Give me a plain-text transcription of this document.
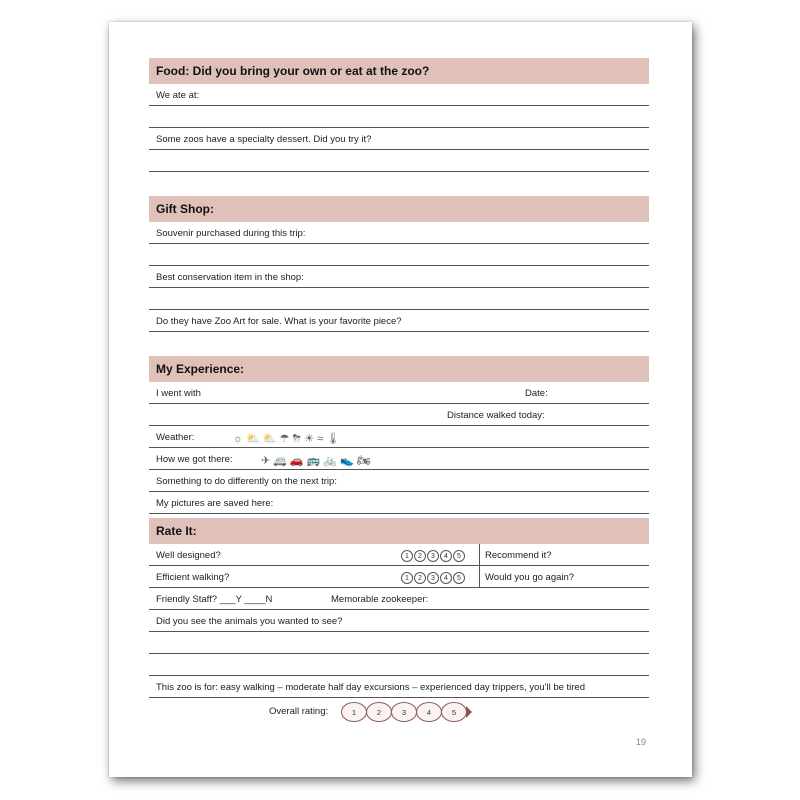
Food: Did you bring your own or eat at the zoo?
We ate at:
Some zoos have a specialty dessert. Did you try it?
Gift Shop:
Souvenir purchased during this trip:
Best conservation item in the shop:
Do they have Zoo Art for sale. What is your favorite piece?
My Experience:
I went with	Date:
Distance walked today:
Weather:	☼ ⛅ ⛅ ☂ ⛈ ☀ ≈ 🌡
How we got there:	✈ 🚐 🚗 🚌 🚲 👟 🏍
Something to do differently on the next trip:
My pictures are saved here:
Rate It:
Well designed?	1	2	3	4	5	Recommend it?
Efficient walking?	1	2	3	4	5	Would you go again?
Friendly Staff? ___Y ____N	Memorable zookeeper:
Did you see the animals you wanted to see?
This zoo is for: easy walking – moderate half day excursions – experienced day trippers, you'll be tired
Overall rating:	1	2	3	4	5
19
